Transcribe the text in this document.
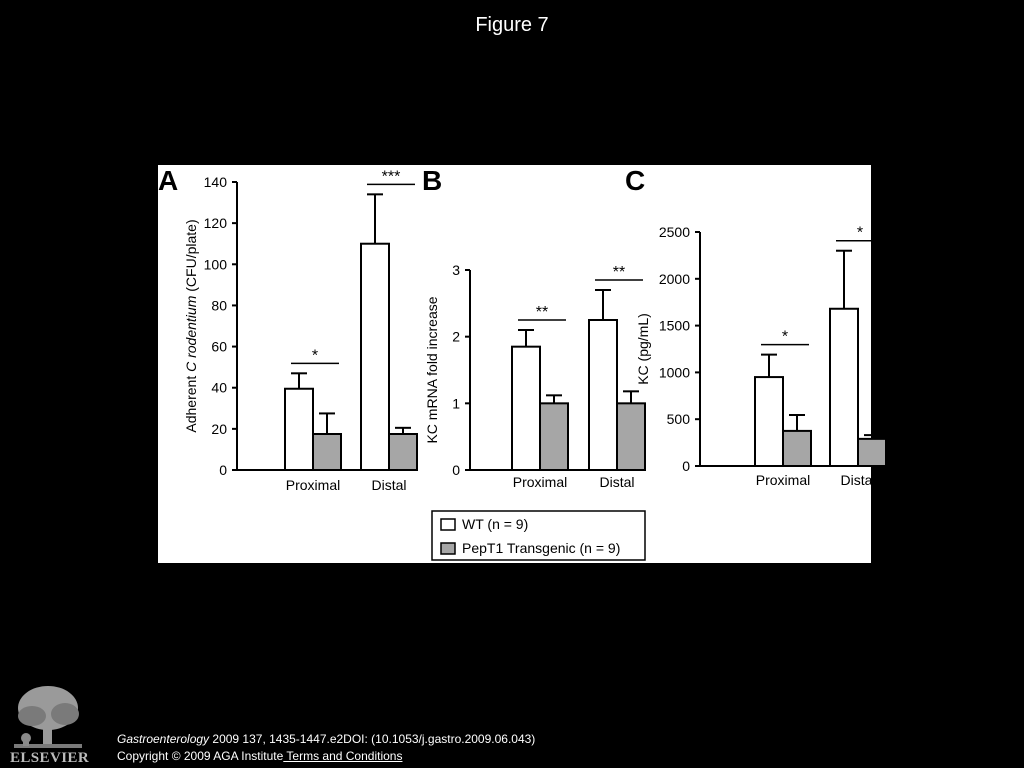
Figure 7
A
0
20
40
60
80
100
120
140
Adherent C rodentium (CFU/plate)
Proximal
*
Distal
*** B
0
1
2
3
KC mRNA fold increase
Proximal
**
Distal
**
C
0
500
1000
1500
2000
2500
KC (pg/mL)
Proximal
*
Distal
*
WT (n = 9)
PepT1 Transgenic (n = 9)
ELSEVIER
Gastroenterology 2009 137, 1435-1447.e2DOI: (10.1053/j.gastro.2009.06.043)
Copyright © 2009 AGA Institute Terms and Conditions
